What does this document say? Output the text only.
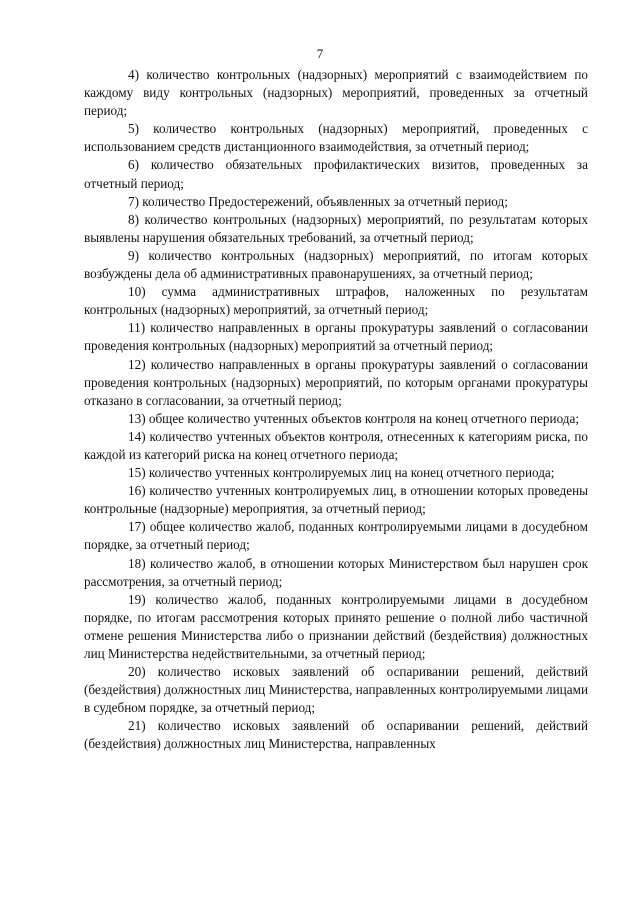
7

4) количество контрольных (надзорных) мероприятий с взаимодействием по каждому виду контрольных (надзорных) мероприятий, проведенных за отчетный период;

5) количество контрольных (надзорных) мероприятий, проведенных с использованием средств дистанционного взаимодействия, за отчетный период;

6) количество обязательных профилактических визитов, проведенных за отчетный период;

7) количество Предостережений, объявленных за отчетный период;

8) количество контрольных (надзорных) мероприятий, по результатам которых выявлены нарушения обязательных требований, за отчетный период;

9) количество контрольных (надзорных) мероприятий, по итогам которых возбуждены дела об административных правонарушениях, за отчетный период;

10) сумма административных штрафов, наложенных по результатам контрольных (надзорных) мероприятий, за отчетный период;

11) количество направленных в органы прокуратуры заявлений о согласовании проведения контрольных (надзорных) мероприятий за отчетный период;

12) количество направленных в органы прокуратуры заявлений о согласовании проведения контрольных (надзорных) мероприятий, по которым органами прокуратуры отказано в согласовании, за отчетный период;

13) общее количество учтенных объектов контроля на конец отчетного периода;

14) количество учтенных объектов контроля, отнесенных к категориям риска, по каждой из категорий риска на конец отчетного периода;

15) количество учтенных контролируемых лиц на конец отчетного периода;

16) количество учтенных контролируемых лиц, в отношении которых проведены контрольные (надзорные) мероприятия, за отчетный период;

17) общее количество жалоб, поданных контролируемыми лицами в досудебном порядке, за отчетный период;

18) количество жалоб, в отношении которых Министерством был нарушен срок рассмотрения, за отчетный период;

19) количество жалоб, поданных контролируемыми лицами в досудебном порядке, по итогам рассмотрения которых принято решение о полной либо частичной отмене решения Министерства либо о признании действий (бездействия) должностных лиц Министерства недействительными, за отчетный период;

20) количество исковых заявлений об оспаривании решений, действий (бездействия) должностных лиц Министерства, направленных контролируемыми лицами в судебном порядке, за отчетный период;

21) количество исковых заявлений об оспаривании решений, действий (бездействия) должностных лиц Министерства, направленных
